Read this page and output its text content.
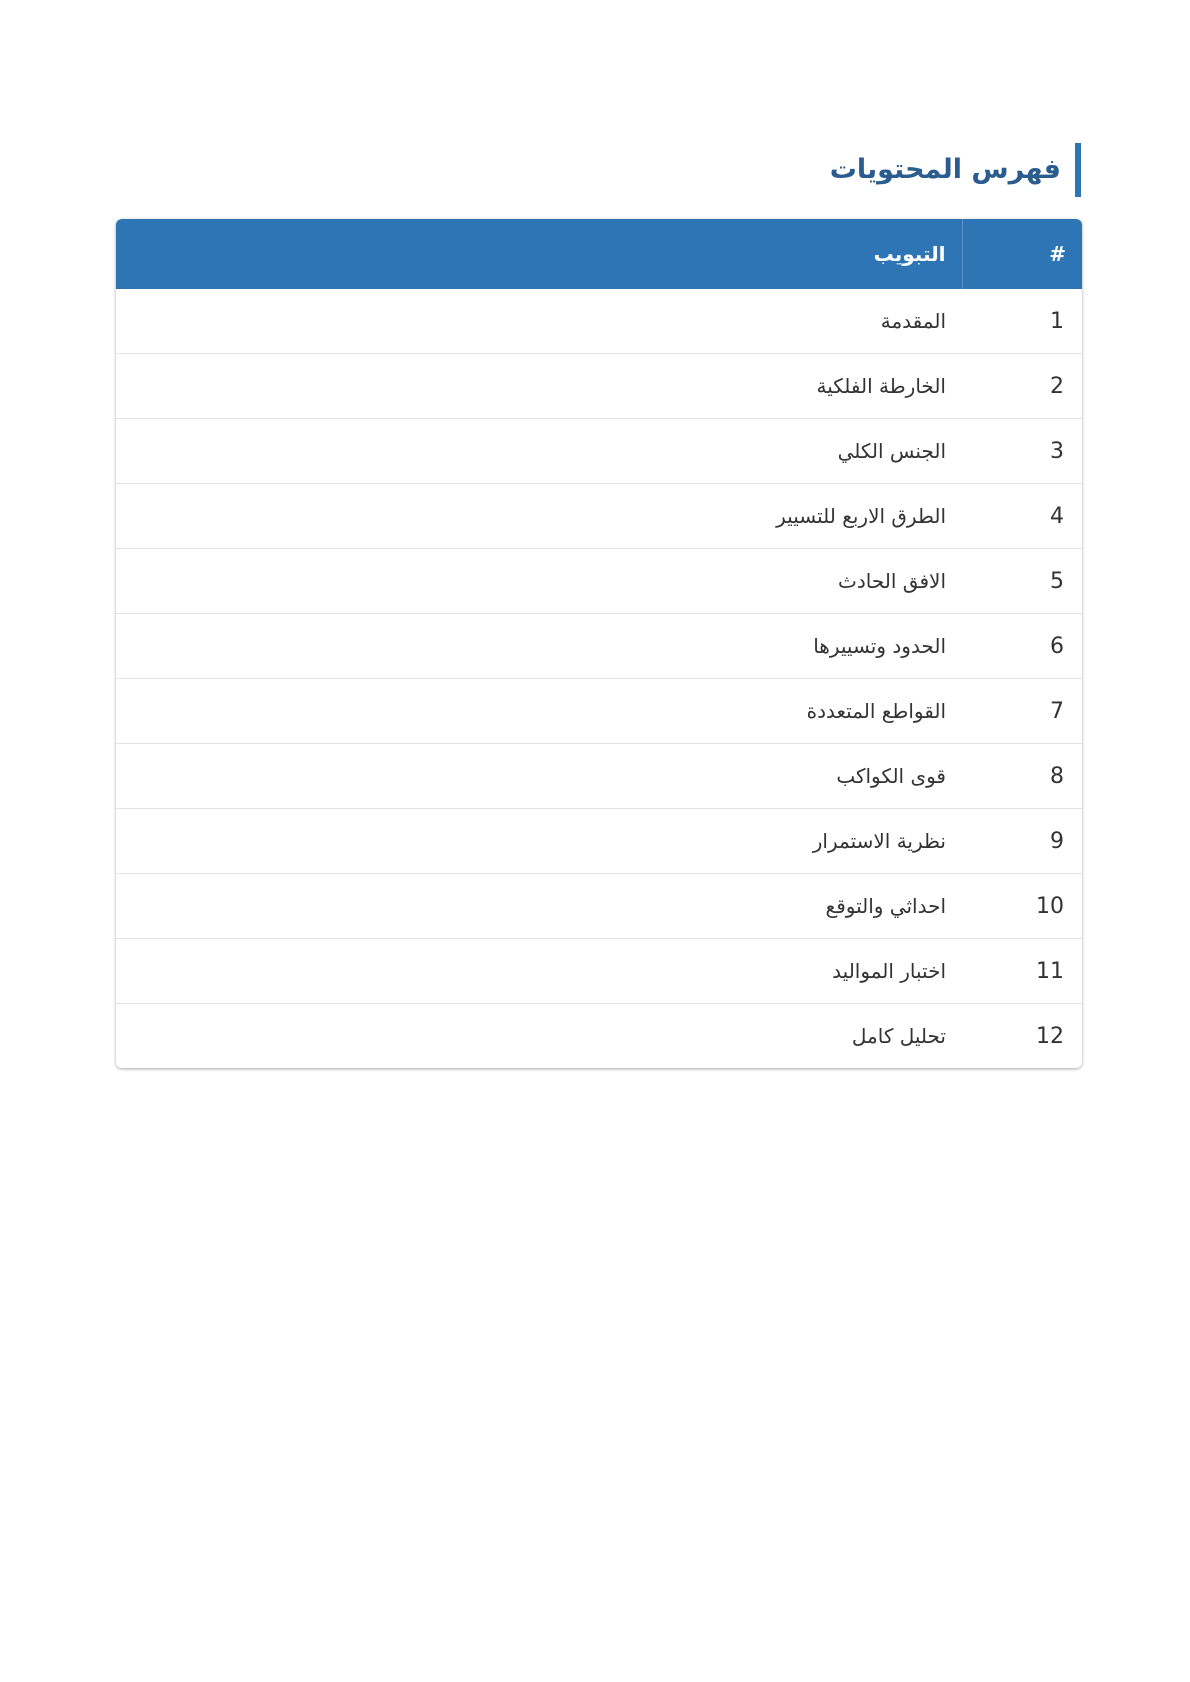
فهرس المحتويات
#	التبويب
1	المقدمة
2	الخارطة الفلكية
3	الجنس الكلي
4	الطرق الاربع للتسيير
5	الافق الحادث
6	الحدود وتسييرها
7	القواطع المتعددة
8	قوى الكواكب
9	نظرية الاستمرار
10	احداثي والتوقع
11	اختبار المواليد
12	تحليل كامل
